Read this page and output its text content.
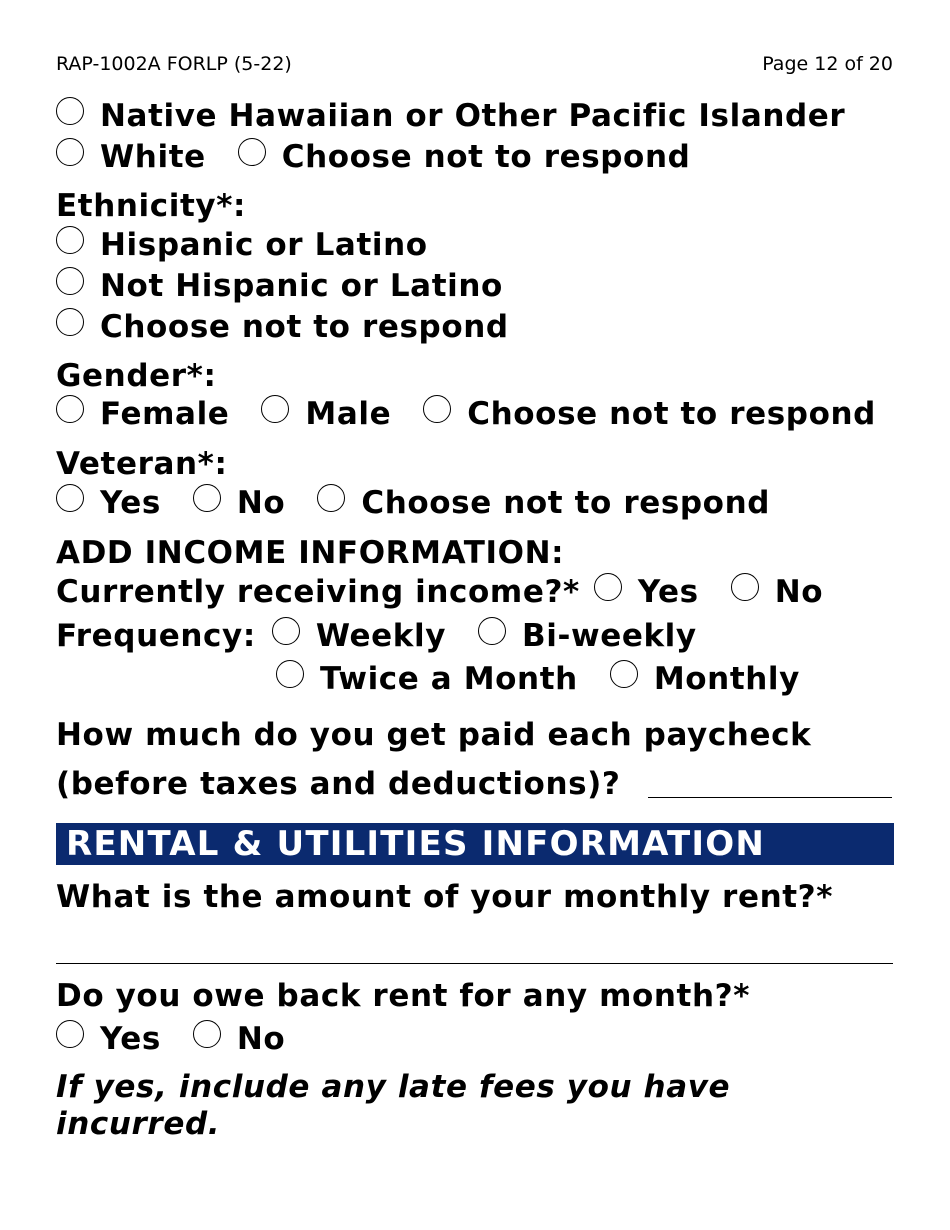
RAP-1002A FORLP (5-22)	Page 12 of 20
Native Hawaiian or Other Pacific Islander
White Choose not to respond
Ethnicity*:
Hispanic or Latino
Not Hispanic or Latino
Choose not to respond
Gender*:
Female Male Choose not to respond
Veteran*:
Yes No Choose not to respond
ADD INCOME INFORMATION:
Currently receiving income?* Yes No
Frequency: Weekly Bi-weekly
Twice a Month Monthly
How much do you get paid each paycheck
(before taxes and deductions)?
RENTAL & UTILITIES INFORMATION
What is the amount of your monthly rent?*
Do you owe back rent for any month?*
Yes No
If yes, include any late fees you have
incurred.
